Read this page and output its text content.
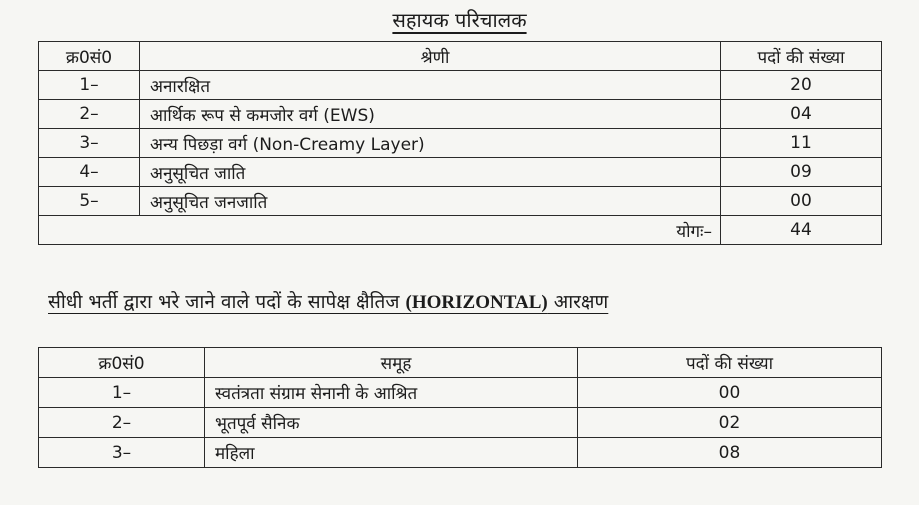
सहायक परिचालक
क्र0सं0	श्रेणी	पदों की संख्या
1–	अनारक्षित	20
2–	आर्थिक रूप से कमजोर वर्ग (EWS)	04
3–	अन्य पिछड़ा वर्ग (Non-Creamy Layer)	11
4–	अनुसूचित जाति	09
5–	अनुसूचित जनजाति	00
योगः–		44
सीधी भर्ती द्वारा भरे जाने वाले पदों के सापेक्ष क्षैतिज (HORIZONTAL) आरक्षण
क्र0सं0	समूह	पदों की संख्या
1–	स्वतंत्रता संग्राम सेनानी के आश्रित	00
2–	भूतपूर्व सैनिक	02
3–	महिला	08
